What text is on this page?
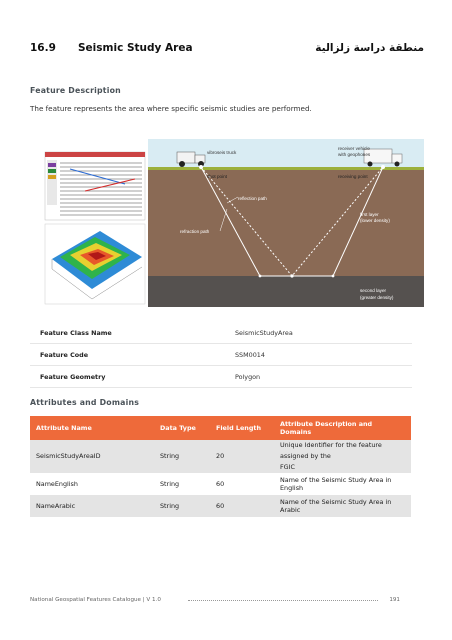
16.9 Seismic Study Area	منطقة دراسة زلزالية
Feature Description
The feature represents the area where specific seismic studies are performed.
vibroseis truck
shot point
receiver vehicle
with geophones
receiving point
reflection path
refraction path
first layer
(lower density)
second layer
(greater density)
Feature Class Name	SeismicStudyArea
Feature Code	SSM0014
Feature Geometry	Polygon
Attributes and Domains
Attribute Name	Data Type	Field Length	Attribute Description and Domains
SeismicStudyAreaID	String	20	Unique Identifier for the feature assigned by the
FGIC
NameEnglish	String	60	Name of the Seismic Study Area in English
NameArabic	String	60	Name of the Seismic Study Area in Arabic
National Geospatial Features Catalogue | V 1.0	191
